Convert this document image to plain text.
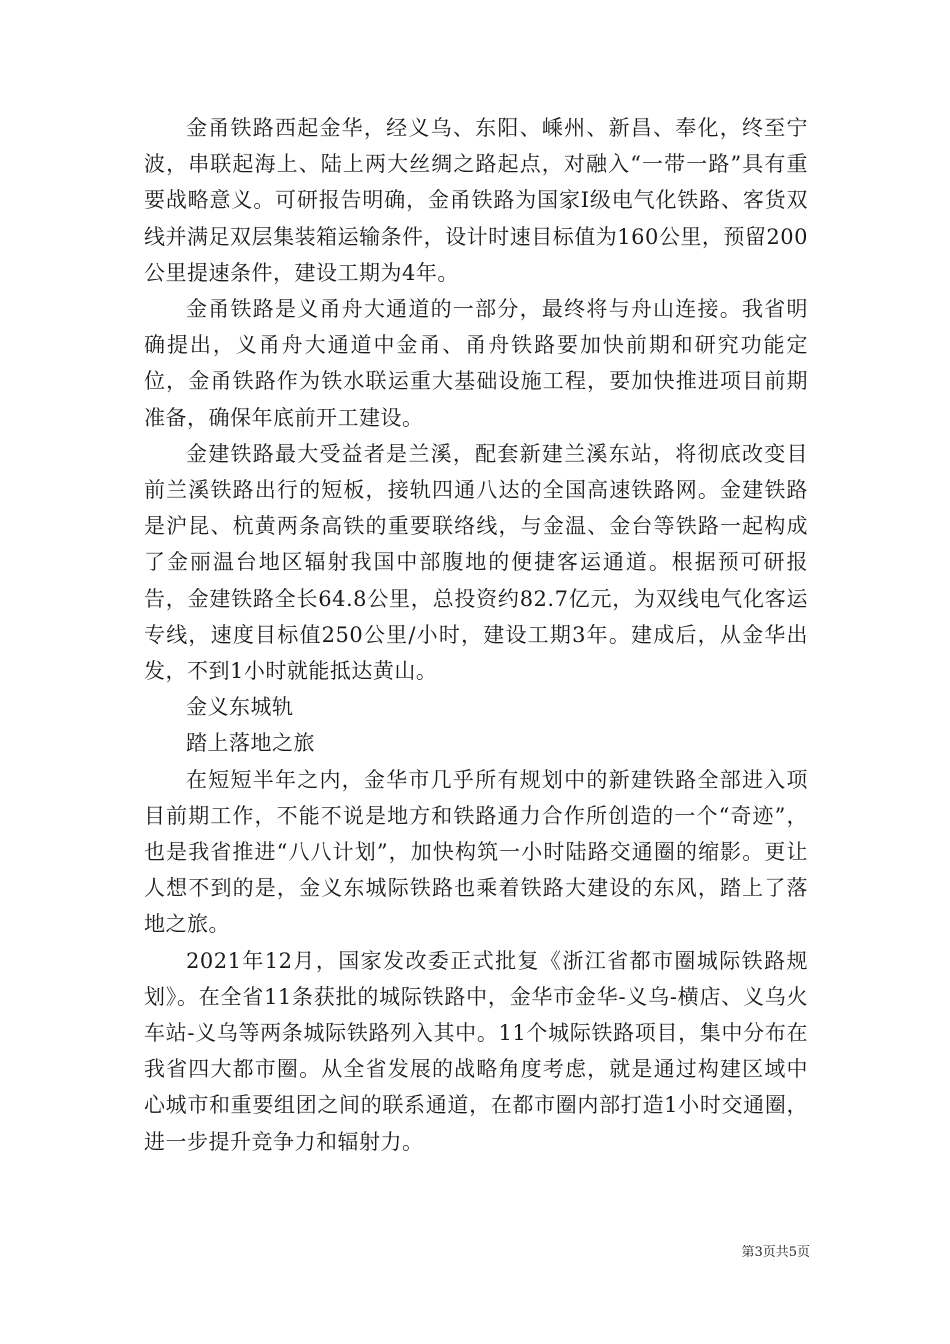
金甬铁路西起金华，经义乌、东阳、嵊州、新昌、奉化，终至宁波，串联起海上、陆上两大丝绸之路起点，对融入“一带一路”具有重要战略意义。可研报告明确，金甬铁路为国家Ⅰ级电气化铁路、客货双线并满足双层集装箱运输条件，设计时速目标值为160公里，预留200公里提速条件，建设工期为4年。

金甬铁路是义甬舟大通道的一部分，最终将与舟山连接。我省明确提出，义甬舟大通道中金甬、甬舟铁路要加快前期和研究功能定位，金甬铁路作为铁水联运重大基础设施工程，要加快推进项目前期准备，确保年底前开工建设。

金建铁路最大受益者是兰溪，配套新建兰溪东站，将彻底改变目前兰溪铁路出行的短板，接轨四通八达的全国高速铁路网。金建铁路是沪昆、杭黄两条高铁的重要联络线，与金温、金台等铁路一起构成了金丽温台地区辐射我国中部腹地的便捷客运通道。根据预可研报告，金建铁路全长64.8公里，总投资约82.7亿元，为双线电气化客运专线，速度目标值250公里/小时，建设工期3年。建成后，从金华出发，不到1小时就能抵达黄山。

金义东城轨

踏上落地之旅

在短短半年之内，金华市几乎所有规划中的新建铁路全部进入项目前期工作，不能不说是地方和铁路通力合作所创造的一个“奇迹”，也是我省推进“八八计划”，加快构筑一小时陆路交通圈的缩影。更让人想不到的是，金义东城际铁路也乘着铁路大建设的东风，踏上了落地之旅。

2021年12月，国家发改委正式批复《浙江省都市圈城际铁路规划》。在全省11条获批的城际铁路中，金华市金华-义乌-横店、义乌火车站-义乌等两条城际铁路列入其中。11个城际铁路项目，集中分布在我省四大都市圈。从全省发展的战略角度考虑，就是通过构建区域中心城市和重要组团之间的联系通道，在都市圈内部打造1小时交通圈，进一步提升竞争力和辐射力。

第3页共5页
